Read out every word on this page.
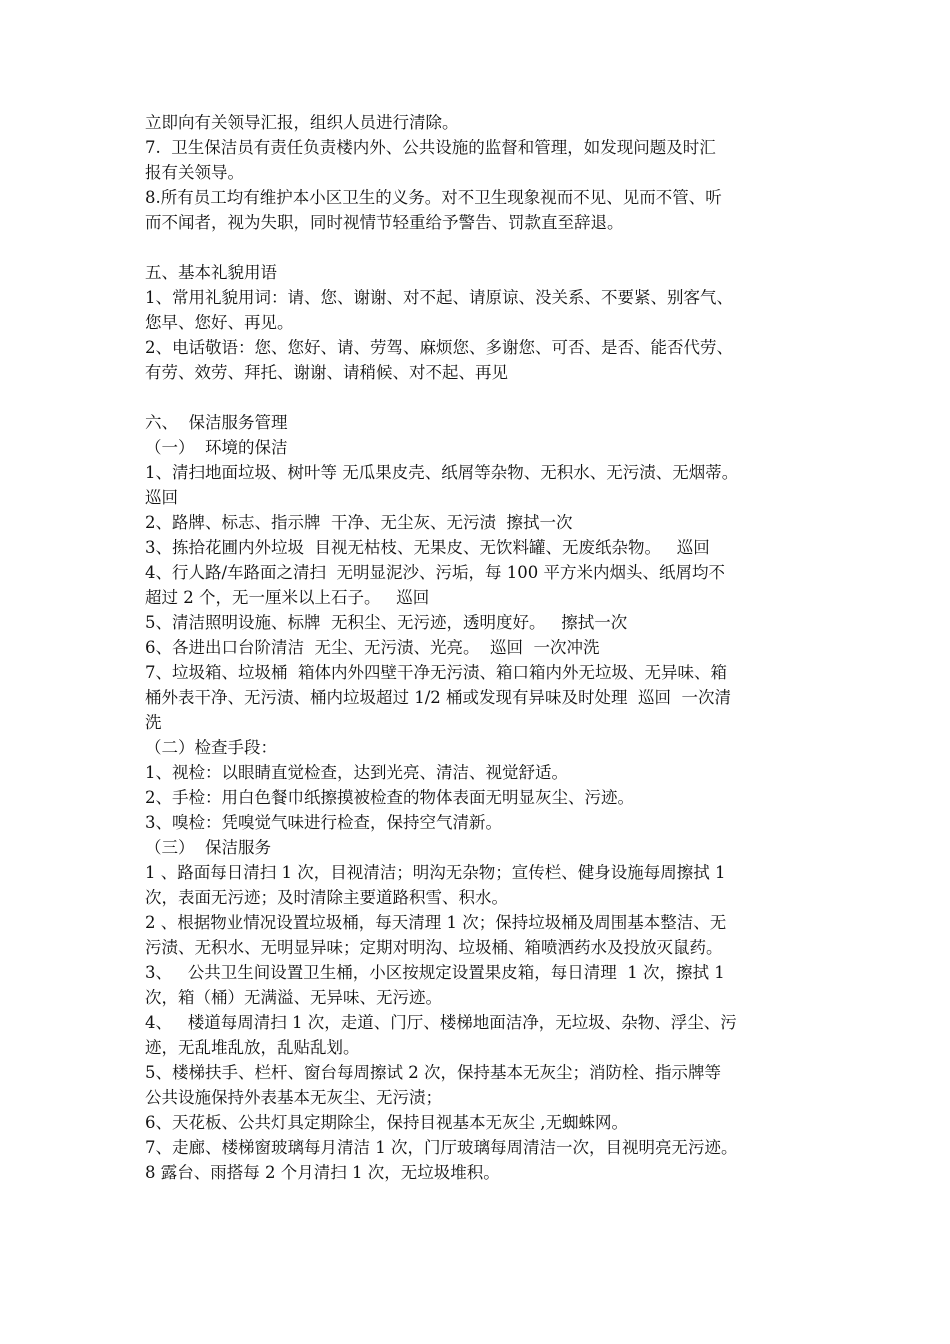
立即向有关领导汇报，组织人员进行清除。
7.  卫生保洁员有责任负责楼内外、公共设施的监督和管理，如发现问题及时汇
报有关领导。
8.所有员工均有维护本小区卫生的义务。对不卫生现象视而不见、见而不管、听
而不闻者，视为失职，同时视情节轻重给予警告、罚款直至辞退。
五、基本礼貌用语
1、常用礼貌用词：请、您、谢谢、对不起、请原谅、没关系、不要紧、别客气、
您早、您好、再见。
2、电话敬语：您、您好、请、劳驾、麻烦您、多谢您、可否、是否、能否代劳、
有劳、效劳、拜托、谢谢、请稍候、对不起、再见
六、  保洁服务管理
（一）  环境的保洁
1、清扫地面垃圾、树叶等 无瓜果皮壳、纸屑等杂物、无积水、无污渍、无烟蒂。
巡回
2、路牌、标志、指示牌  干净、无尘灰、无污渍  擦拭一次
3、拣拾花圃内外垃圾  目视无枯枝、无果皮、无饮料罐、无废纸杂物。   巡回
4、行人路/车路面之清扫  无明显泥沙、污垢，每 100 平方米内烟头、纸屑均不
超过 2 个，无一厘米以上石子。   巡回
5、清洁照明设施、标牌  无积尘、无污迹，透明度好。   擦拭一次
6、各进出口台阶清洁  无尘、无污渍、光亮。  巡回  一次冲洗
7、垃圾箱、垃圾桶  箱体内外四壁干净无污渍、箱口箱内外无垃圾、无异味、箱
桶外表干净、无污渍、桶内垃圾超过 1/2 桶或发现有异味及时处理  巡回  一次清
洗
（二）检查手段：
1、视检：以眼睛直觉检查，达到光亮、清洁、视觉舒适。
2、手检：用白色餐巾纸擦摸被检查的物体表面无明显灰尘、污迹。
3、嗅检：凭嗅觉气味进行检查，保持空气清新。
（三）  保洁服务
1 、路面每日清扫 1 次，目视清洁；明沟无杂物；宣传栏、健身设施每周擦拭 1
次，表面无污迹；及时清除主要道路积雪、积水。
2 、根据物业情况设置垃圾桶，每天清理 1 次；保持垃圾桶及周围基本整洁、无
污渍、无积水、无明显异味；定期对明沟、垃圾桶、箱喷洒药水及投放灭鼠药。
3、   公共卫生间设置卫生桶，小区按规定设置果皮箱，每日清理  1 次，擦拭 1
次，箱（桶）无满溢、无异味、无污迹。
4、   楼道每周清扫 1 次，走道、门厅、楼梯地面洁净，无垃圾、杂物、浮尘、污
迹，无乱堆乱放，乱贴乱划。
5、楼梯扶手、栏杆、窗台每周擦试 2 次，保持基本无灰尘；消防栓、指示牌等
公共设施保持外表基本无灰尘、无污渍；
6、天花板、公共灯具定期除尘，保持目视基本无灰尘 ,无蜘蛛网。
7、走廊、楼梯窗玻璃每月清洁 1 次，门厅玻璃每周清洁一次，目视明亮无污迹。
8 露台、雨搭每 2 个月清扫 1 次，无垃圾堆积。
